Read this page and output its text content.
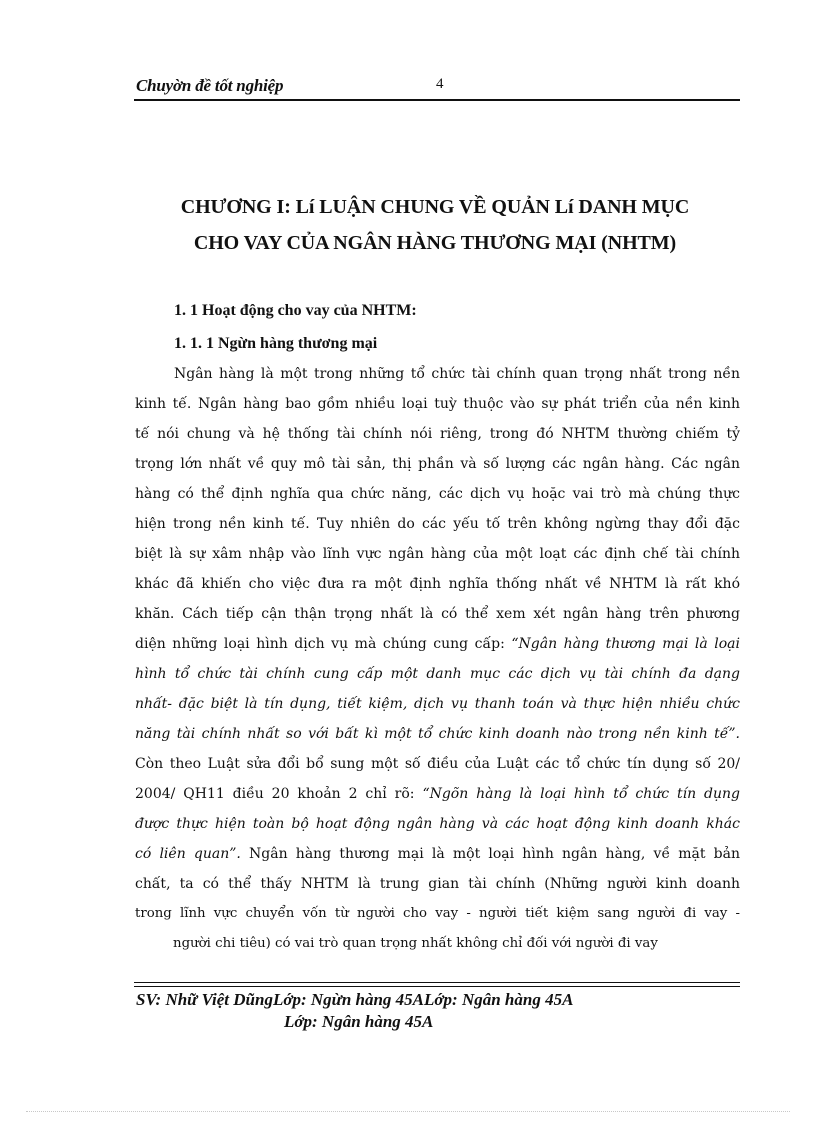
Chuyờn đề tốt nghiệp	4
CHƯƠNG I: Lí LUẬN CHUNG VỀ QUẢN Lí DANH MỤC
CHO VAY CỦA NGÂN HÀNG THƯƠNG MẠI (NHTM)
1. 1 Hoạt động cho vay của NHTM:
1. 1. 1 Ngừn hàng thương mại
Ngân hàng là một trong những tổ chức tài chính quan trọng nhất trong nền
kinh tế. Ngân hàng bao gồm nhiều loại tuỳ thuộc vào sự phát triển của nền kinh
tế nói chung và hệ thống tài chính nói riêng, trong đó NHTM thường chiếm tỷ
trọng lớn nhất về quy mô tài sản, thị phần và số lượng các ngân hàng. Các ngân
hàng có thể định nghĩa qua chức năng, các dịch vụ hoặc vai trò mà chúng thực
hiện trong nền kinh tế. Tuy nhiên do các yếu tố trên không ngừng thay đổi đặc
biệt là sự xâm nhập vào lĩnh vực ngân hàng của một loạt các định chế tài chính
khác đã khiến cho việc đưa ra một định nghĩa thống nhất về NHTM là rất khó
khăn. Cách tiếp cận thận trọng nhất là có thể xem xét ngân hàng trên phương
diện những loại hình dịch vụ mà chúng cung cấp: “Ngân hàng thương mại là loại
hình tổ chức tài chính cung cấp một danh mục các dịch vụ tài chính đa dạng
nhất- đặc biệt là tín dụng, tiết kiệm, dịch vụ thanh toán và thực hiện nhiều chức
năng tài chính nhất so với bất kì một tổ chức kinh doanh nào trong nền kinh tế”.
Còn theo Luật sửa đổi bổ sung một số điều của Luật các tổ chức tín dụng số 20/
2004/ QH11 điều 20 khoản 2 chỉ rõ: “Ngõn hàng là loại hình tổ chức tín dụng
được thực hiện toàn bộ hoạt động ngân hàng và các hoạt động kinh doanh khác
có liên quan”. Ngân hàng thương mại là một loại hình ngân hàng, về mặt bản
chất, ta có thể thấy NHTM là trung gian tài chính (Những người kinh doanh
trong lĩnh vực chuyển vốn từ người cho vay - người tiết kiệm sang người đi vay -
người chi tiêu) có vai trò quan trọng nhất không chỉ đối với người đi vay
SV: Nhữ Việt DũngLớp: Ngừn hàng 45ALớp: Ngân hàng 45A
Lớp: Ngân hàng 45A
